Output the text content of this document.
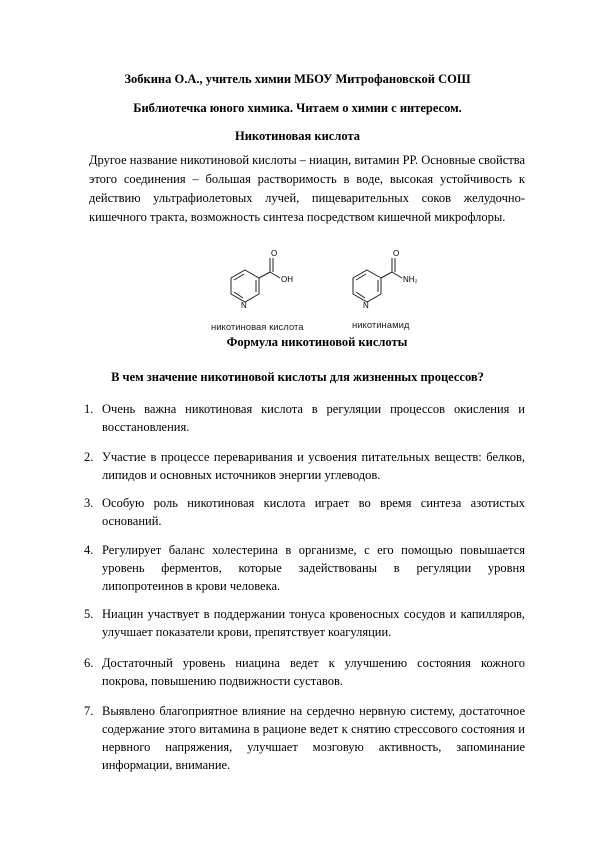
Зобкина О.А., учитель химии МБОУ Митрофановской СОШ
Библиотечка юного химика. Читаем о химии с интересом.
Никотиновая кислота
Другое название никотиновой кислоты – ниацин, витамин РР. Основные свойства этого соединения – большая растворимость в воде, высокая устойчивость к действию ультрафиолетовых лучей, пищеварительных соков желудочно-кишечного тракта, возможность синтеза посредством кишечной микрофлоры.
O
OH
N
O
NH₂
N
никотиновая кислота	никотинамид
Формула никотиновой кислоты
В чем значение никотиновой кислоты для жизненных процессов?
1. Очень важна никотиновая кислота в регуляции процессов окисления и восстановления.
2. Участие в процессе переваривания и усвоения питательных веществ: белков, липидов и основных источников энергии углеводов.
3. Особую роль никотиновая кислота играет во время синтеза азотистых оснований.
4. Регулирует баланс холестерина в организме, с его помощью повышается уровень ферментов, которые задействованы в регуляции уровня липопротеинов в крови человека.
5. Ниацин участвует в поддержании тонуса кровеносных сосудов и капилляров, улучшает показатели крови, препятствует коагуляции.
6. Достаточный уровень ниацина ведет к улучшению состояния кожного покрова, повышению подвижности суставов.
7. Выявлено благоприятное влияние на сердечно нервную систему, достаточное содержание этого витамина в рационе ведет к снятию стрессового состояния и нервного напряжения, улучшает мозговую активность, запоминание информации, внимание.
